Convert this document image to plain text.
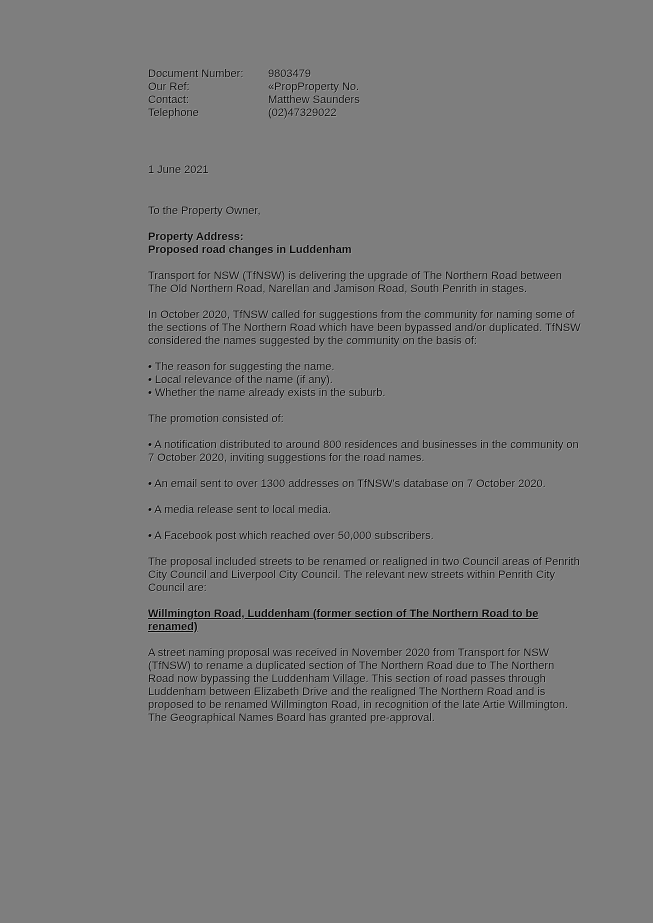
Document Number:	9803479
Our Ref:	«PropProperty No.
Contact:	Matthew Saunders
Telephone	(02)47329022
1 June 2021
To the Property Owner,
Property Address:
Proposed road changes in Luddenham
Transport for NSW (TfNSW) is delivering the upgrade of The Northern Road between The Old Northern Road, Narellan and Jamison Road, South Penrith in stages.
In October 2020, TfNSW called for suggestions from the community for naming some of the sections of The Northern Road which have been bypassed and/or duplicated. TfNSW considered the names suggested by the community on the basis of:
• The reason for suggesting the name.
• Local relevance of the name (if any).
• Whether the name already exists in the suburb.
The promotion consisted of:
• A notification distributed to around 800 residences and businesses in the community on 7 October 2020, inviting suggestions for the road names.
• An email sent to over 1300 addresses on TfNSW's database on 7 October 2020.
• A media release sent to local media.
• A Facebook post which reached over 50,000 subscribers.
The proposal included streets to be renamed or realigned in two Council areas of Penrith City Council and Liverpool City Council. The relevant new streets within Penrith City Council are:
Willmington Road, Luddenham (former section of The Northern Road to be renamed)
A street naming proposal was received in November 2020 from Transport for NSW (TfNSW) to rename a duplicated section of The Northern Road due to The Northern Road now bypassing the Luddenham Village. This section of road passes through Luddenham between Elizabeth Drive and the realigned The Northern Road and is proposed to be renamed Willmington Road, in recognition of the late Artie Willmington. The Geographical Names Board has granted pre-approval.
